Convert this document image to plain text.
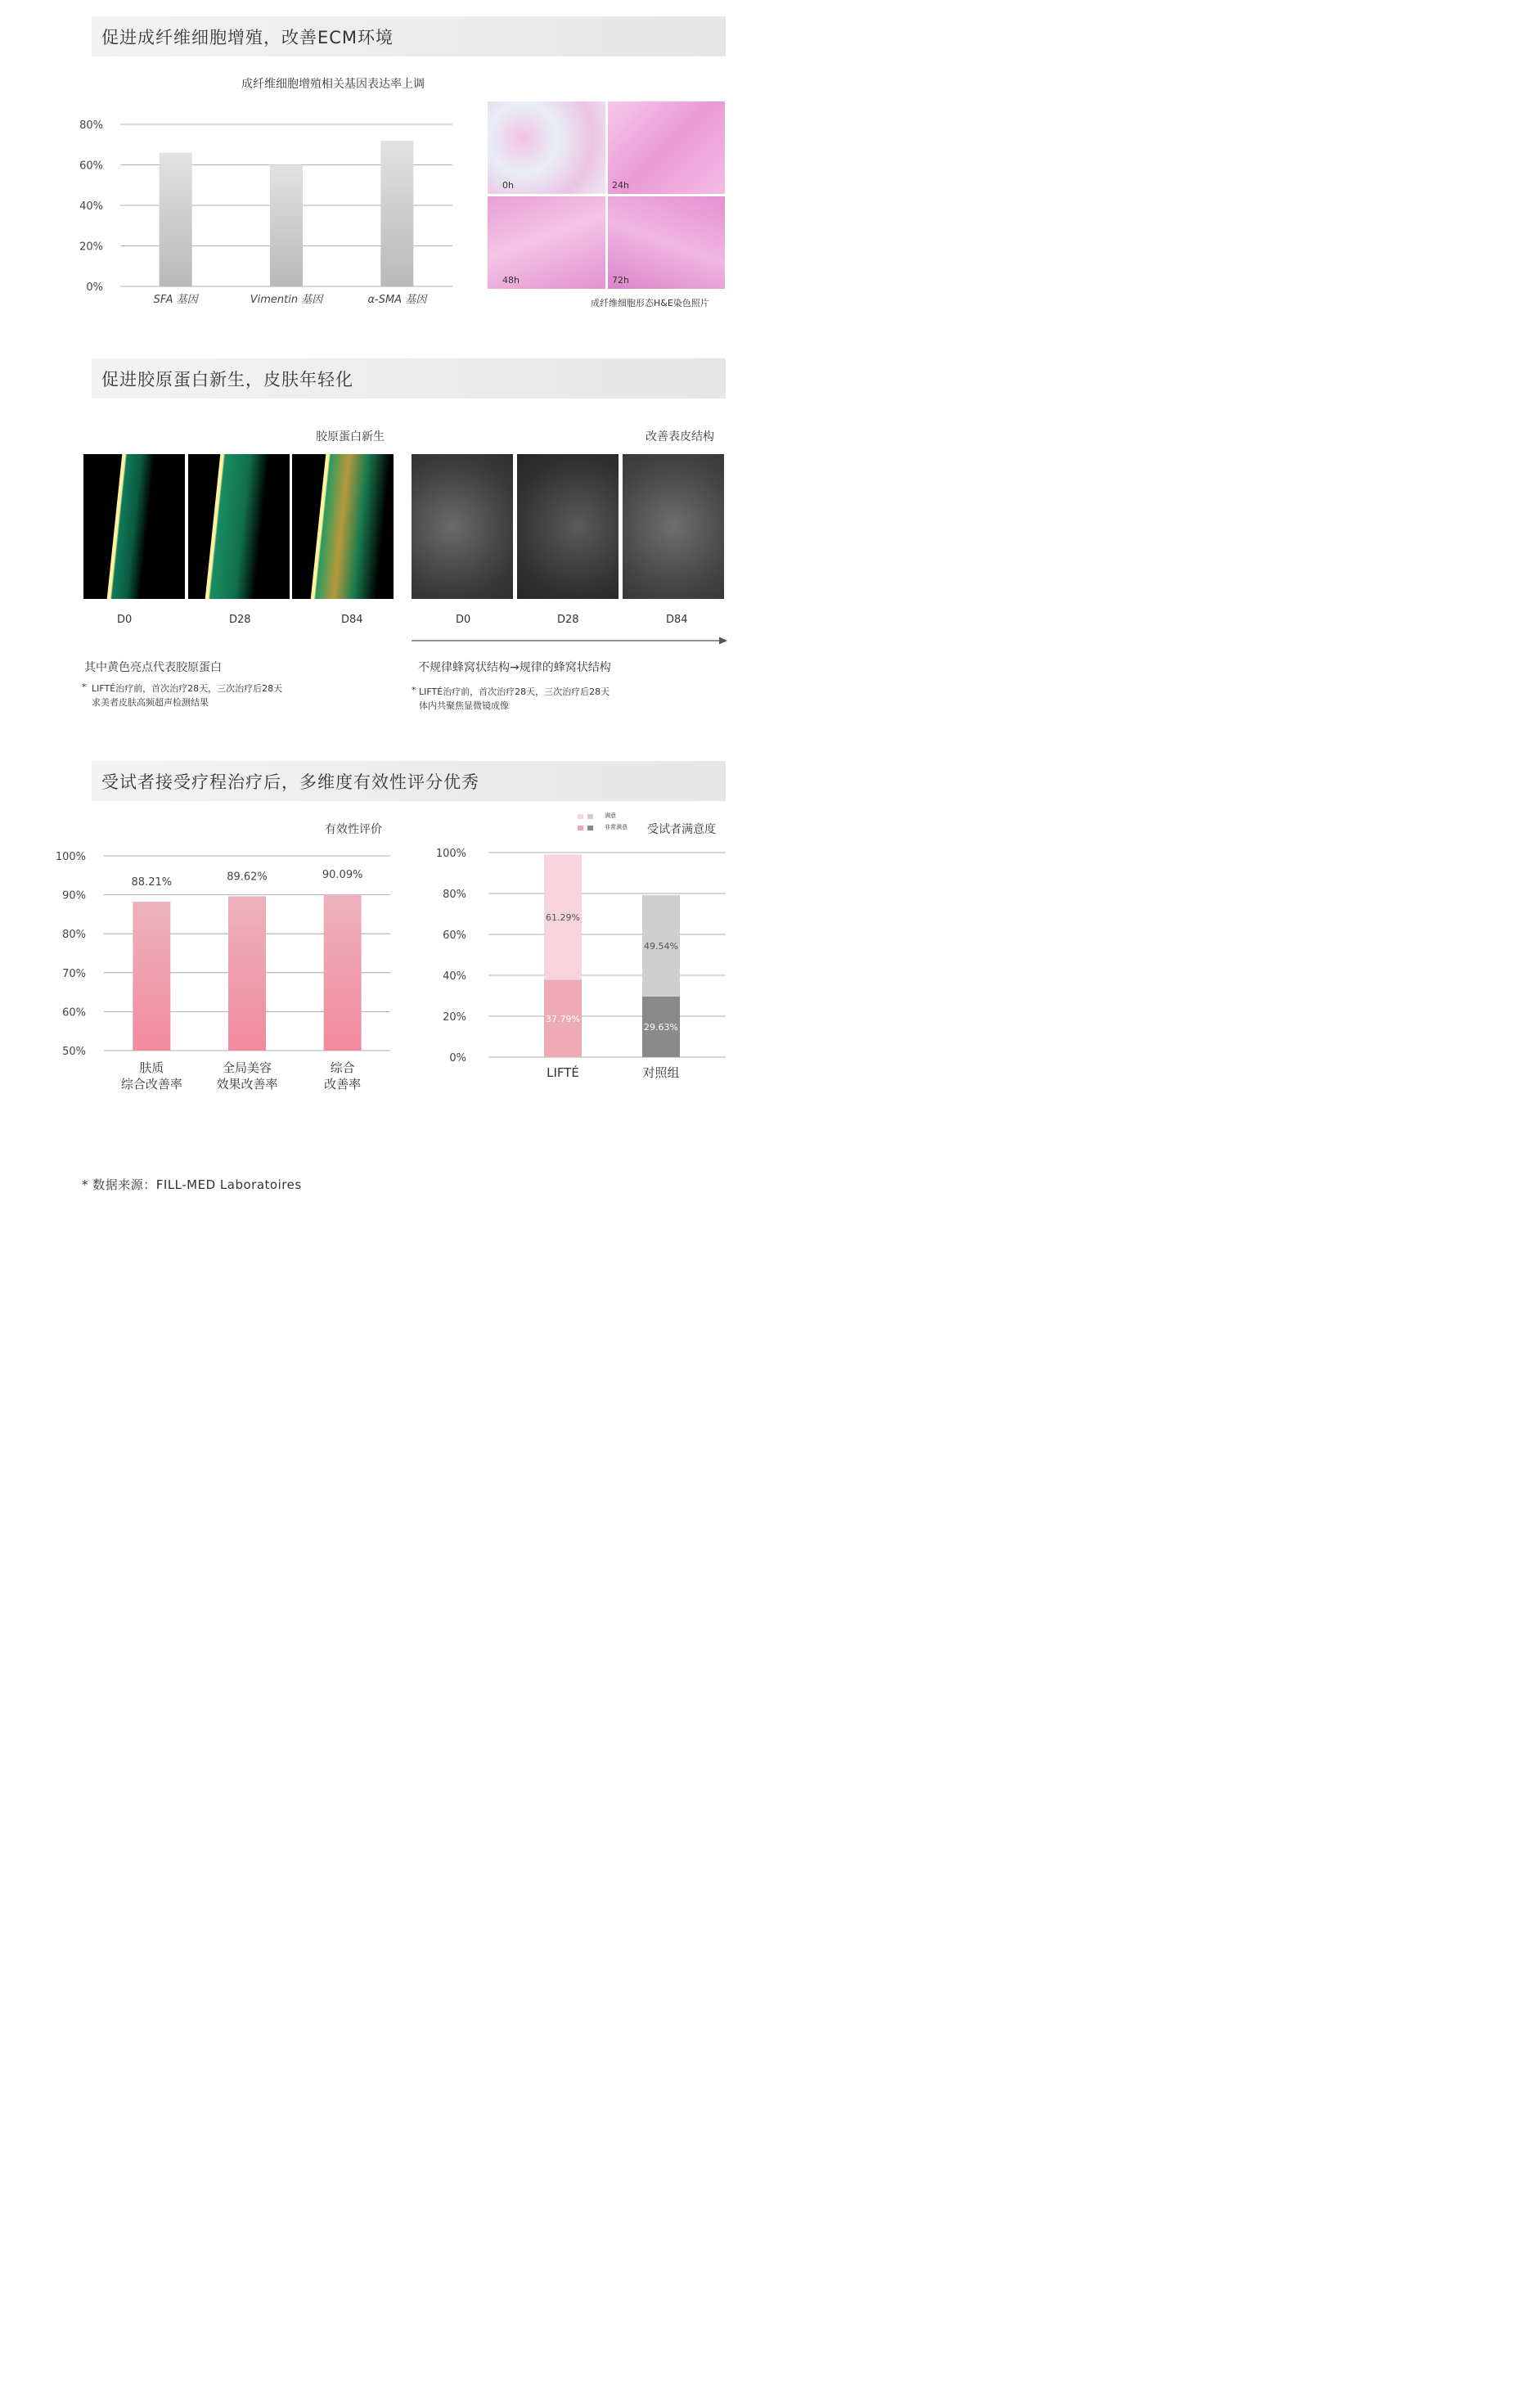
促进成纤维细胞增殖，改善ECM环境
成纤维细胞增殖相关基因表达率上调
0%
20%
40%
60%
80%
SFA 基因	Vimentin 基因	α-SMA 基因
0h	24h
48h	72h
成纤维细胞形态H&E染色照片
促进胶原蛋白新生，皮肤年轻化
胶原蛋白新生	改善表皮结构
D0	D28	D84	D0	D28	D84
其中黄色亮点代表胶原蛋白
* LIFTÉ治疗前，首次治疗28天，三次治疗后28天
求美者皮肤高频超声检测结果
不规律蜂窝状结构→规律的蜂窝状结构
* LIFTÉ治疗前，首次治疗28天，三次治疗后28天
体内共聚焦显微镜成像
受试者接受疗程治疗后，多维度有效性评分优秀
有效性评价	受试者满意度
满意
非常满意
50%
60%
70%
80%
90%
100%
88.21%
肤质
综合改善率
89.62%
全局美容
效果改善率
90.09%
综合
改善率
0%
20%
40%
60%
80%
100%
37.79%
61.29%
LIFTÉ
29.63%
49.54%
对照组
* 数据来源：FILL-MED Laboratoires
